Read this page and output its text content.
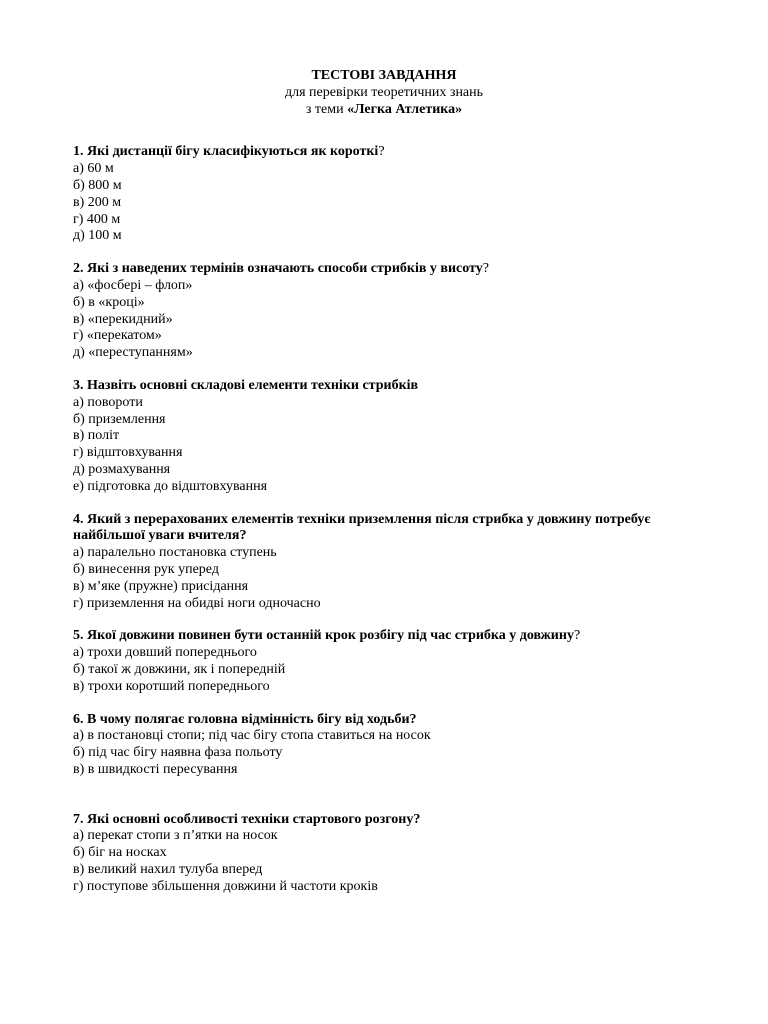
ТЕСТОВІ ЗАВДАННЯ
для перевірки теоретичних знань
з теми «Легка Атлетика»
1. Які дистанції бігу класифікуються як короткі?
а) 60 м
б) 800 м
в) 200 м
г) 400 м
д) 100 м
2. Які з наведених термінів означають способи стрибків у висоту?
а) «фосбері – флоп»
б) в «кроці»
в) «перекидний»
г) «перекатом»
д) «переступанням»
3. Назвіть основні складові елементи техніки стрибків
а) повороти
б) приземлення
в) політ
г) відштовхування
д) розмахування
е) підготовка до відштовхування
4. Який з перерахованих елементів техніки приземлення після стрибка у довжину потребує найбільшої уваги вчителя?
а) паралельно постановка ступень
б) винесення рук уперед
в) м’яке (пружне) присідання
г) приземлення на обидві ноги одночасно
5. Якої довжини повинен бути останній крок розбігу під час стрибка у довжину?
а) трохи довший попереднього
б) такої ж довжини, як і попередній
в) трохи коротший попереднього
6. В чому полягає головна відмінність бігу від ходьби?
а) в постановці стопи; під час бігу стопа ставиться на носок
б) під час бігу наявна фаза польоту
в) в швидкості пересування
7. Які основні особливості техніки стартового розгону?
а) перекат стопи з п’ятки на носок
б) біг на носках
в) великий нахил тулуба вперед
г) поступове збільшення довжини й частоти кроків
